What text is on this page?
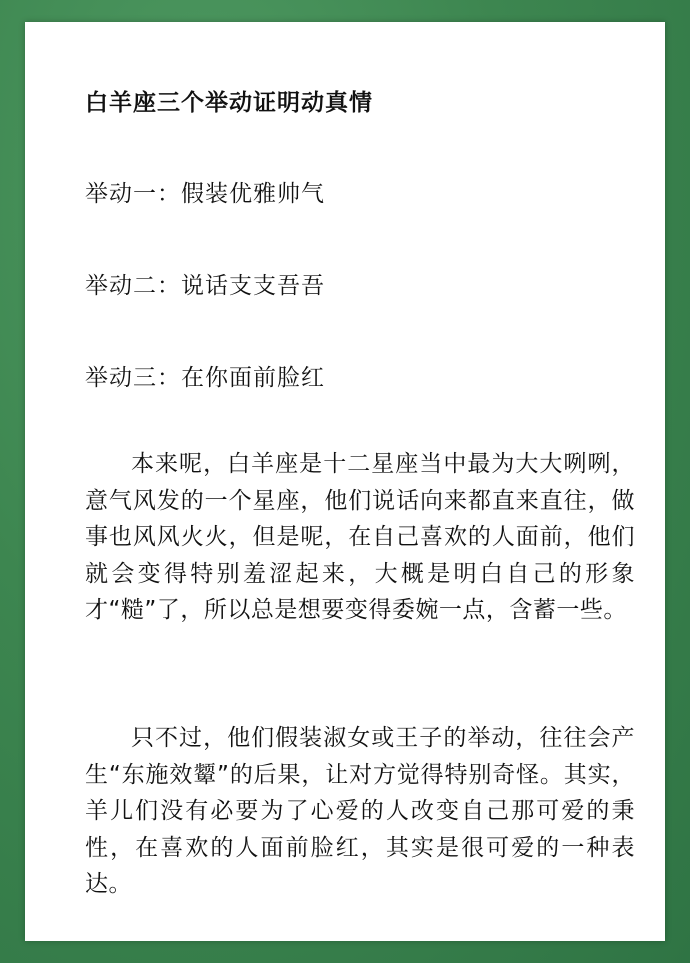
白羊座三个举动证明动真情
举动一：假装优雅帅气
举动二：说话支支吾吾
举动三：在你面前脸红

本来呢，白羊座是十二星座当中最为大大咧咧，意气风发的一个星座，他们说话向来都直来直往，做事也风风火火，但是呢，在自己喜欢的人面前，他们就会变得特别羞涩起来，大概是明白自己的形象才“糙”了，所以总是想要变得委婉一点，含蓄一些。

只不过，他们假装淑女或王子的举动，往往会产生“东施效颦”的后果，让对方觉得特别奇怪。其实，羊儿们没有必要为了心爱的人改变自己那可爱的秉性，在喜欢的人面前脸红，其实是很可爱的一种表达。
